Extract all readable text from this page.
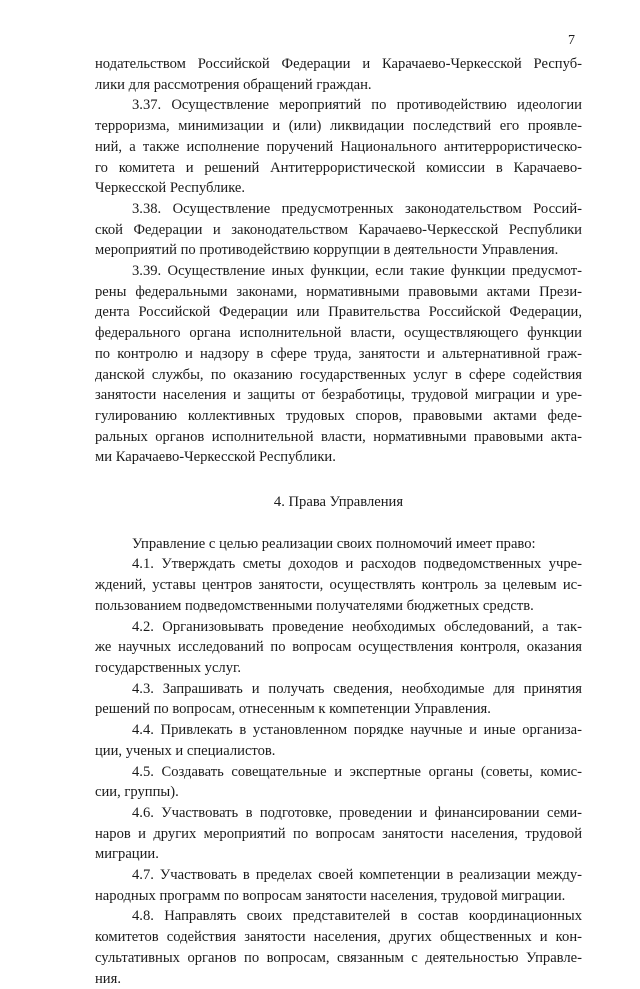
7
нодательством Российской Федерации и Карачаево-Черкесской Респуб-
лики для рассмотрения обращений граждан.
3.37. Осуществление мероприятий по противодействию идеологии
терроризма, минимизации и (или) ликвидации последствий его проявле-
ний, а также исполнение поручений Национального антитеррористическо-
го комитета и решений Антитеррористической комиссии в Карачаево-
Черкесской Республике.
3.38. Осуществление предусмотренных законодательством Россий-
ской Федерации и законодательством Карачаево-Черкесской Республики
мероприятий по противодействию коррупции в деятельности Управления.
3.39. Осуществление иных функции, если такие функции предусмот-
рены федеральными законами, нормативными правовыми актами Прези-
дента Российской Федерации или Правительства Российской Федерации,
федерального органа исполнительной власти, осуществляющего функции
по контролю и надзору в сфере труда, занятости и альтернативной граж-
данской службы, по оказанию государственных услуг в сфере содействия
занятости населения и защиты от безработицы, трудовой миграции и уре-
гулированию коллективных трудовых споров, правовыми актами феде-
ральных органов исполнительной власти, нормативными правовыми акта-
ми Карачаево-Черкесской Республики.
4. Права Управления
Управление с целью реализации своих полномочий имеет право:
4.1. Утверждать сметы доходов и расходов подведомственных учре-
ждений, уставы центров занятости, осуществлять контроль за целевым ис-
пользованием подведомственными получателями бюджетных средств.
4.2. Организовывать проведение необходимых обследований, а так-
же научных исследований по вопросам осуществления контроля, оказания
государственных услуг.
4.3. Запрашивать и получать сведения, необходимые для принятия
решений по вопросам, отнесенным к компетенции Управления.
4.4. Привлекать в установленном порядке научные и иные организа-
ции, ученых и специалистов.
4.5. Создавать совещательные и экспертные органы (советы, комис-
сии, группы).
4.6. Участвовать в подготовке, проведении и финансировании семи-
наров и других мероприятий по вопросам занятости населения, трудовой
миграции.
4.7. Участвовать в пределах своей компетенции в реализации между-
народных программ по вопросам занятости населения, трудовой миграции.
4.8. Направлять своих представителей в состав координационных
комитетов содействия занятости населения, других общественных и кон-
сультативных органов по вопросам, связанным с деятельностью Управле-
ния.
